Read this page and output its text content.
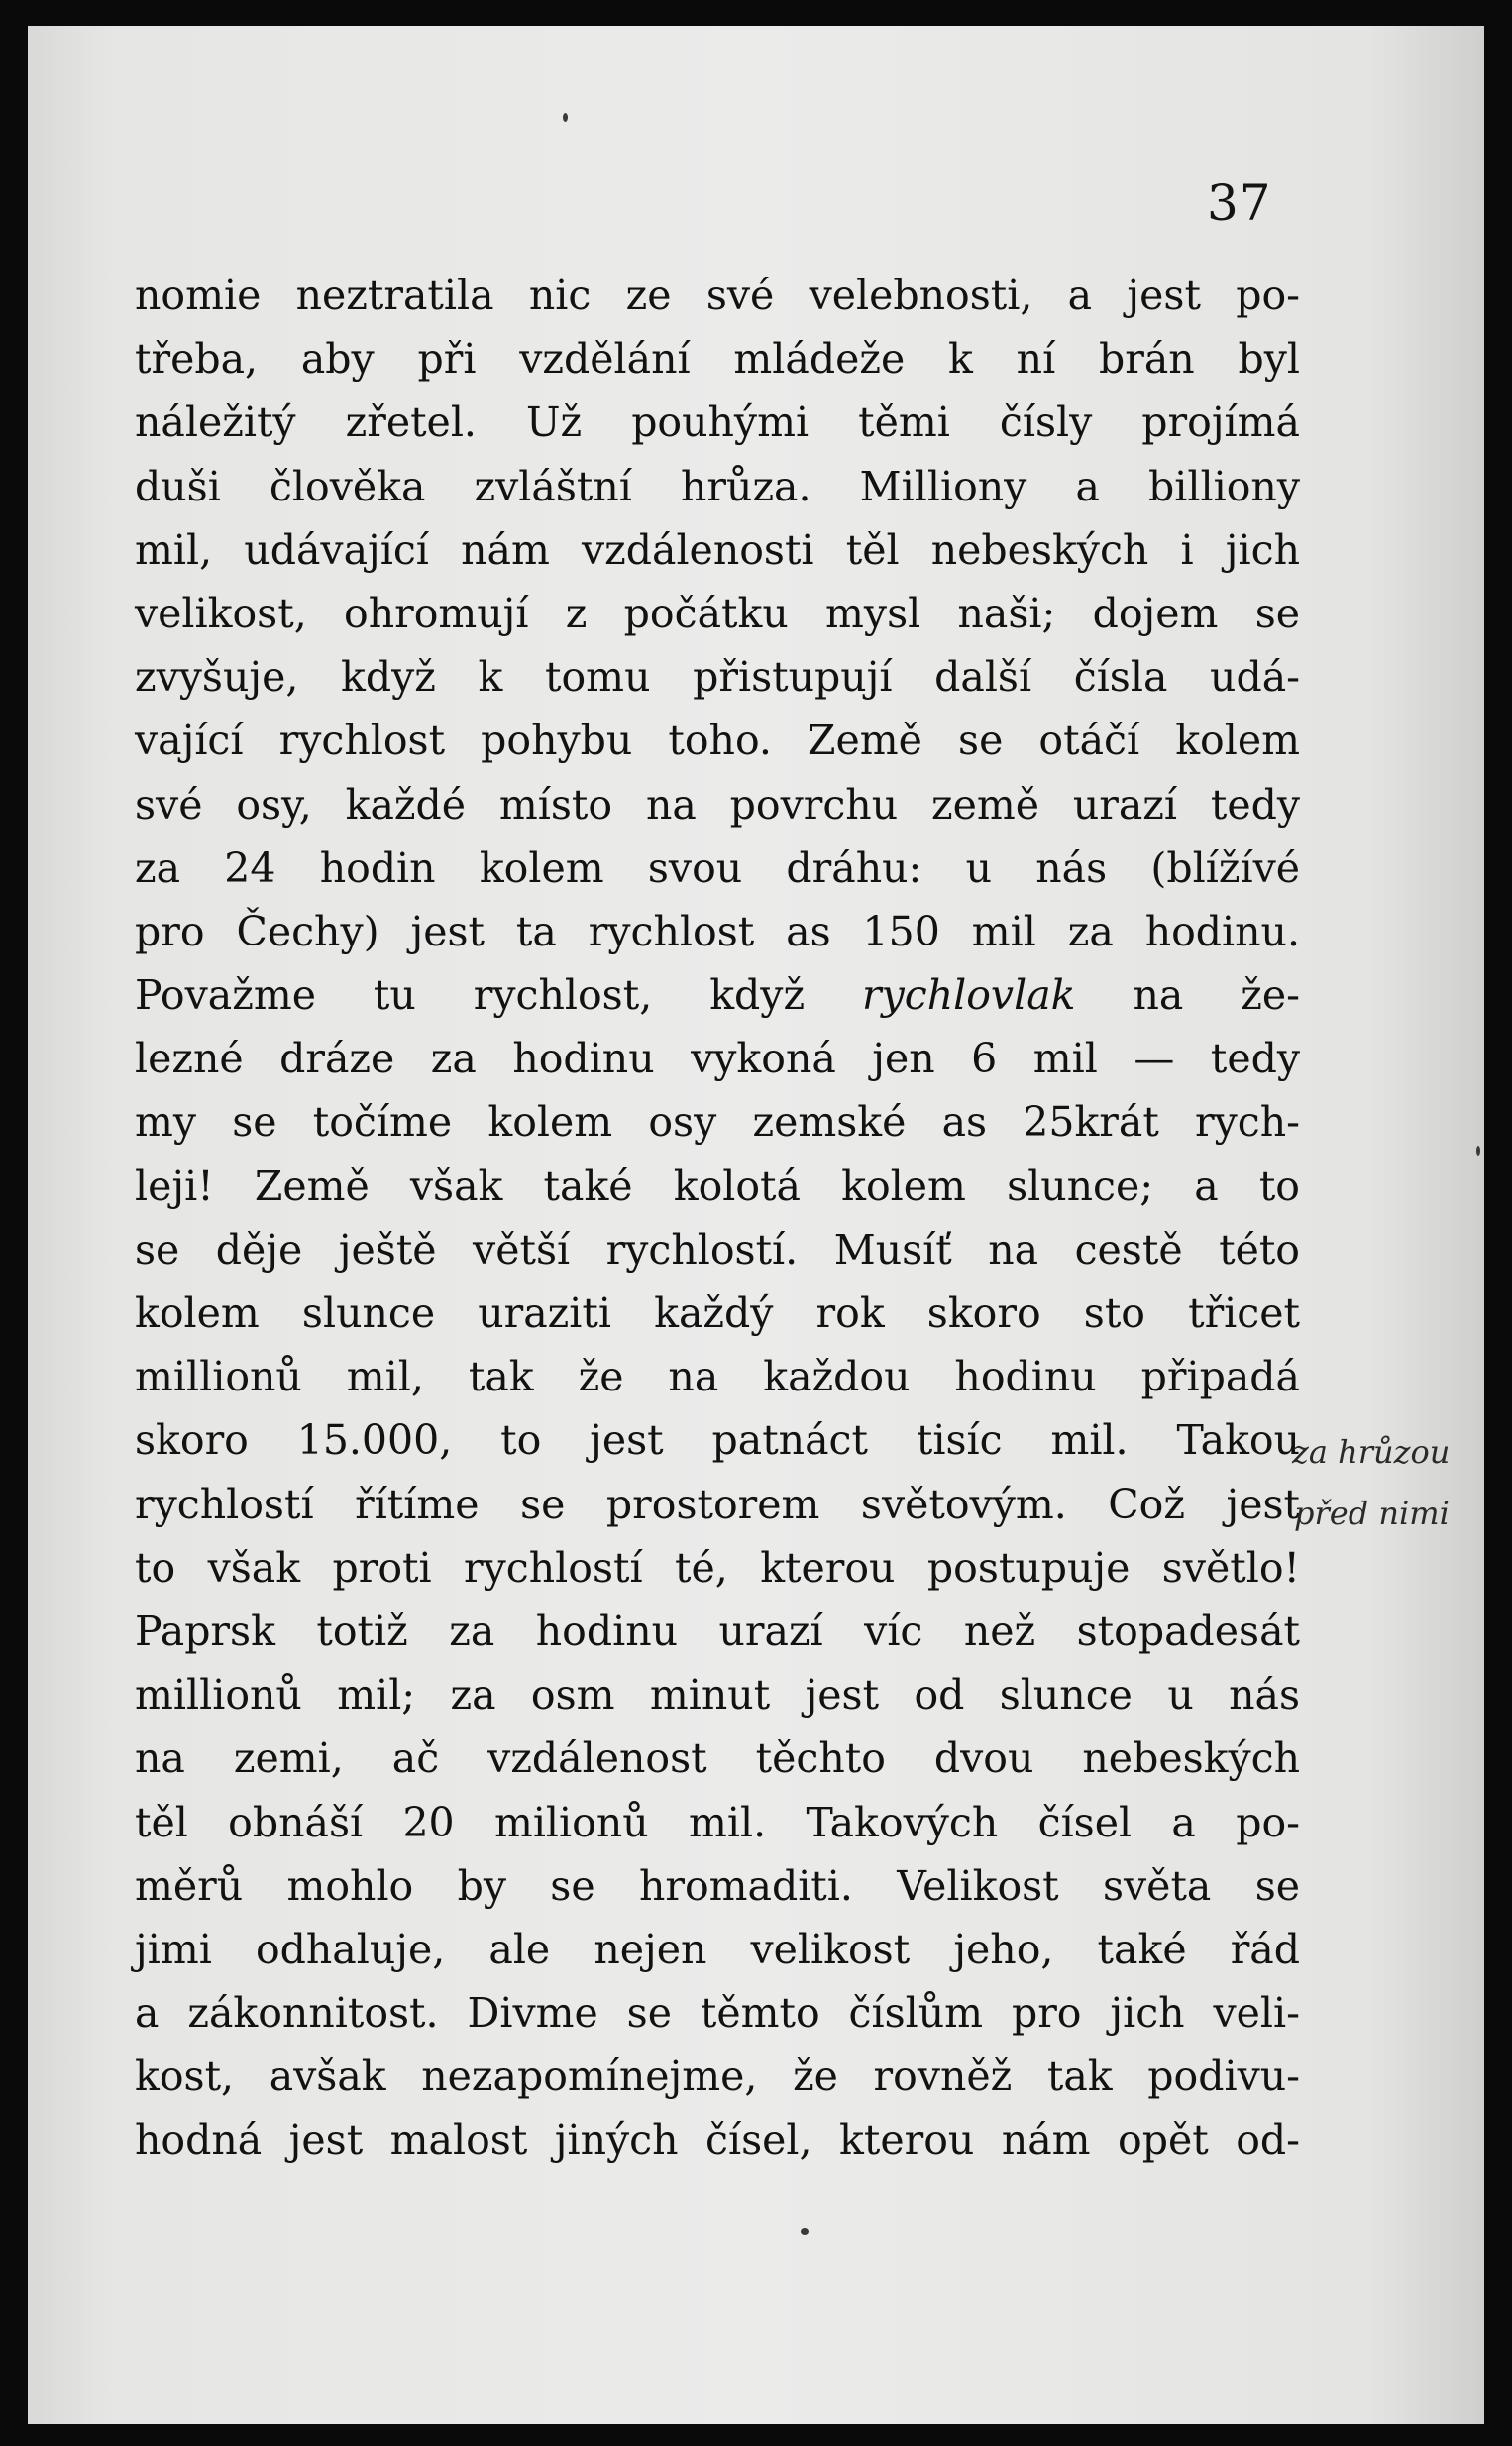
37
nomie neztratila nic ze své velebnosti, a jest po-
třeba, aby při vzdělání mládeže k ní brán byl
náležitý zřetel. Už pouhými těmi čísly projímá
duši člověka zvláštní hrůza. Milliony a billiony
mil, udávající nám vzdálenosti těl nebeských i jich
velikost, ohromují z počátku mysl naši; dojem se
zvyšuje, když k tomu přistupují další čísla udá-
vající rychlost pohybu toho. Země se otáčí kolem
své osy, každé místo na povrchu země urazí tedy
za 24 hodin kolem svou dráhu: u nás (blížívé
pro Čechy) jest ta rychlost as 150 mil za hodinu.
Považme tu rychlost, když rychlovlak na že-
lezné dráze za hodinu vykoná jen 6 mil — tedy
my se točíme kolem osy zemské as 25krát rych-
leji! Země však také kolotá kolem slunce; a to
se děje ještě větší rychlostí. Musíť na cestě této
kolem slunce uraziti každý rok skoro sto třicet
millionů mil, tak že na každou hodinu připadá
skoro 15.000, to jest patnáct tisíc mil. Takou
rychlostí řítíme se prostorem světovým. Což jest
to však proti rychlostí té, kterou postupuje světlo!
Paprsk totiž za hodinu urazí víc než stopadesát
millionů mil; za osm minut jest od slunce u nás
na zemi, ač vzdálenost těchto dvou nebeských
těl obnáší 20 milionů mil. Takových čísel a po-
měrů mohlo by se hromaditi. Velikost světa se
jimi odhaluje, ale nejen velikost jeho, také řád
a zákonnitost. Divme se těmto číslům pro jich veli-
kost, avšak nezapomínejme, že rovněž tak podivu-
hodná jest malost jiných čísel, kterou nám opět od-
za hrůzou
před nimi
